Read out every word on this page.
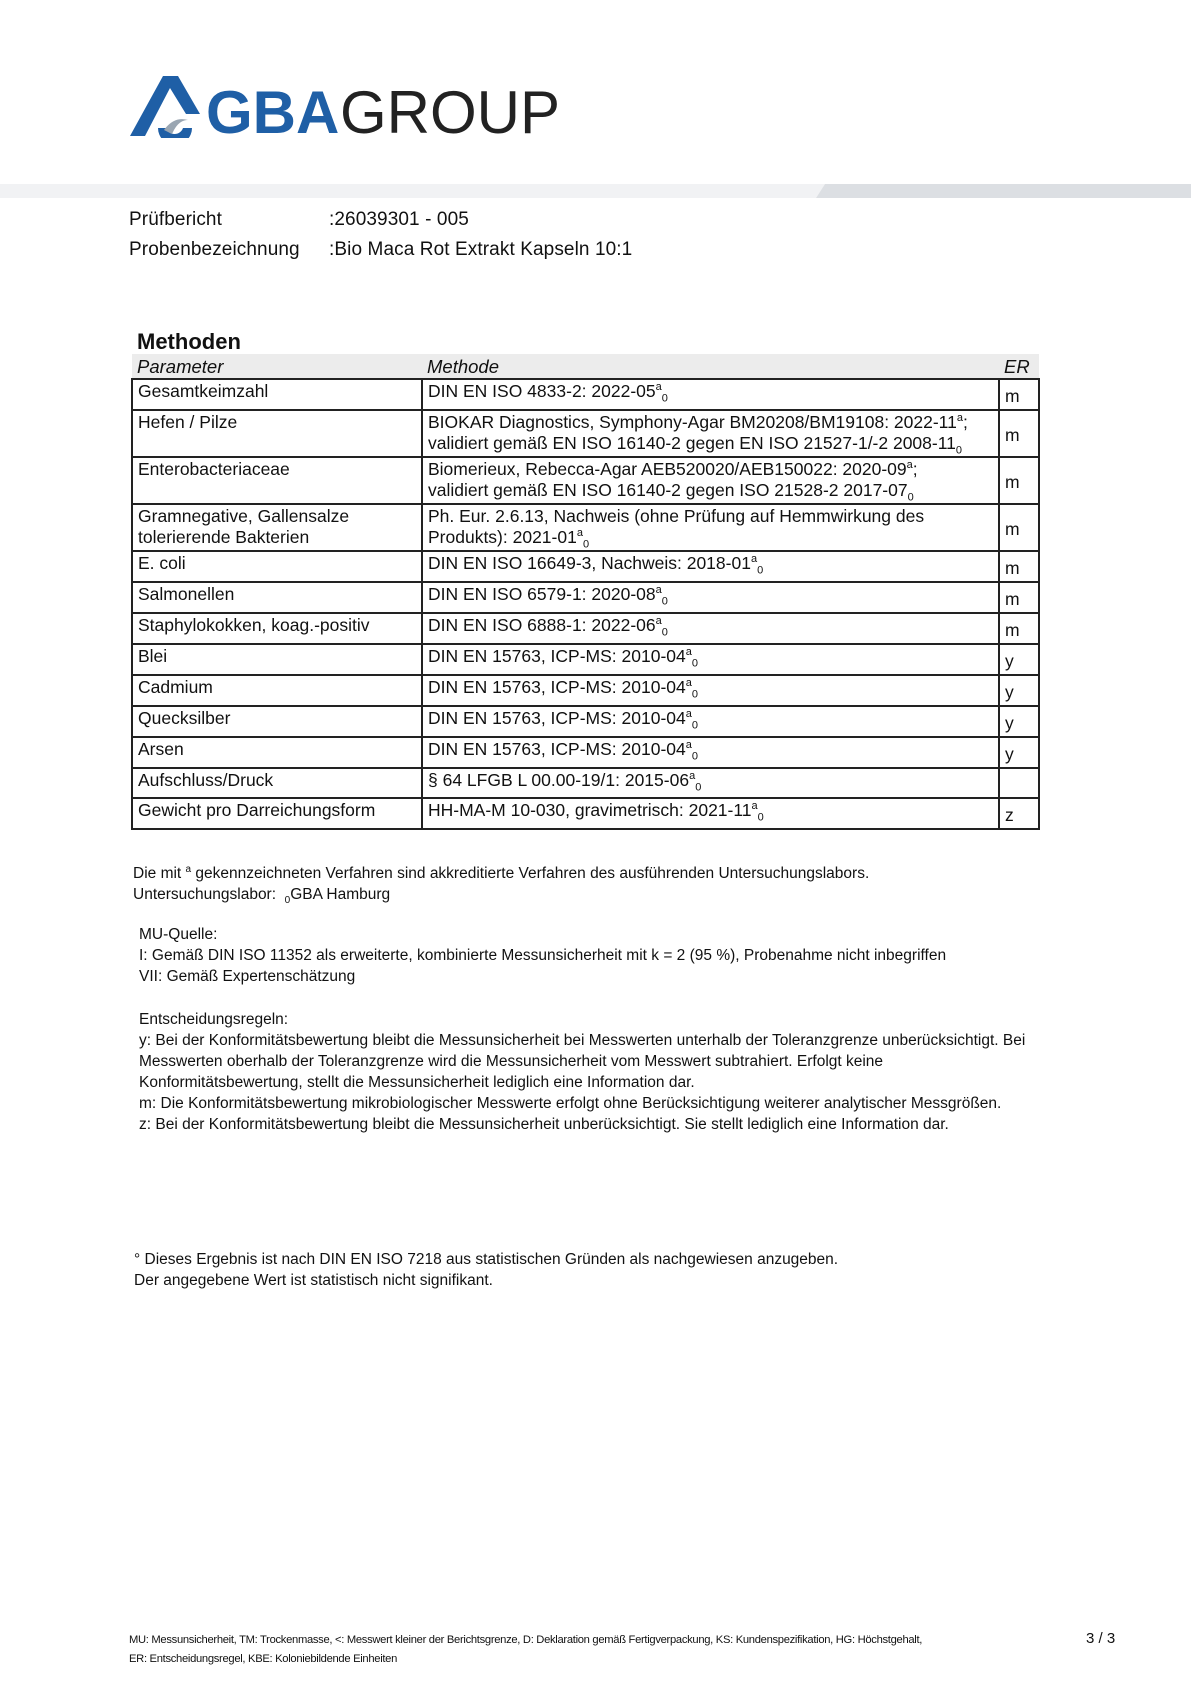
GBA GROUP
Prüfbericht	:26039301 - 005
Probenbezeichnung :Bio Maca Rot Extrakt Kapseln 10:1
Methoden
Parameter	Methode	ER
Gesamtkeimzahl	DIN EN ISO 4833-2: $2022-05^a_0$	m
Hefen / Pilze	BIOKAR Diagnostics, Symphony-Agar BM20208/BM19108: 2022-11$^a$;
validiert gemäß EN ISO 16140-2 gegen EN ISO 21527-1/-2 $2008-11_0$	m
Enterobacteriaceae	Biomerieux, Rebecca-Agar AEB520020/AEB150022: 2020-09$^a$;
validiert gemäß EN ISO 16140-2 gegen ISO 21528-2 $2017-07_0$	m
Gramnegative, Gallensalze
tolerierende Bakterien	Ph. Eur. 2.6.13, Nachweis (ohne Prüfung auf Hemmwirkung des
Produkts): $2021-01^a_0$	m
E. coli	DIN EN ISO 16649-3, Nachweis: $2018-01^a_0$	m
Salmonellen	DIN EN ISO 6579-1: $2020-08^a_0$	m
Staphylokokken, koag.-positiv	DIN EN ISO 6888-1: $2022-06^a_0$	m
Blei	DIN EN 15763, ICP-MS: $2010-04^a_0$	y
Cadmium	DIN EN 15763, ICP-MS: $2010-04^a_0$	y
Quecksilber	DIN EN 15763, ICP-MS: $2010-04^a_0$	y
Arsen	DIN EN 15763, ICP-MS: $2010-04^a_0$	y
Aufschluss/Druck	§ 64 LFGB L 00.00-19/1: $2015-06^a_0$	
Gewicht pro Darreichungsform	HH-MA-M 10-030, gravimetrisch: $2021-11^a_0$	z
Die mit $^a$ gekennzeichneten Verfahren sind akkreditierte Verfahren des ausführenden Untersuchungslabors.
Untersuchungslabor: $_0$GBA Hamburg
MU-Quelle:
I: Gemäß DIN ISO 11352 als erweiterte, kombinierte Messunsicherheit mit k = 2 (95 %), Probenahme nicht inbegriffen
VII: Gemäß Expertenschätzung
Entscheidungsregeln:
y: Bei der Konformitätsbewertung bleibt die Messunsicherheit bei Messwerten unterhalb der Toleranzgrenze unberücksichtigt. Bei
Messwerten oberhalb der Toleranzgrenze wird die Messunsicherheit vom Messwert subtrahiert. Erfolgt keine
Konformitätsbewertung, stellt die Messunsicherheit lediglich eine Information dar.
m: Die Konformitätsbewertung mikrobiologischer Messwerte erfolgt ohne Berücksichtigung weiterer analytischer Messgrößen.
z: Bei der Konformitätsbewertung bleibt die Messunsicherheit unberücksichtigt. Sie stellt lediglich eine Information dar.
° Dieses Ergebnis ist nach DIN EN ISO 7218 aus statistischen Gründen als nachgewiesen anzugeben.
Der angegebene Wert ist statistisch nicht signifikant.
MU: Messunsicherheit, TM: Trockenmasse, <: Messwert kleiner der Berichtsgrenze, D: Deklaration gemäß Fertigverpackung, KS: Kundenspezifikation, HG: Höchstgehalt,
ER: Entscheidungsregel, KBE: Koloniebildende Einheiten
3 / 3
